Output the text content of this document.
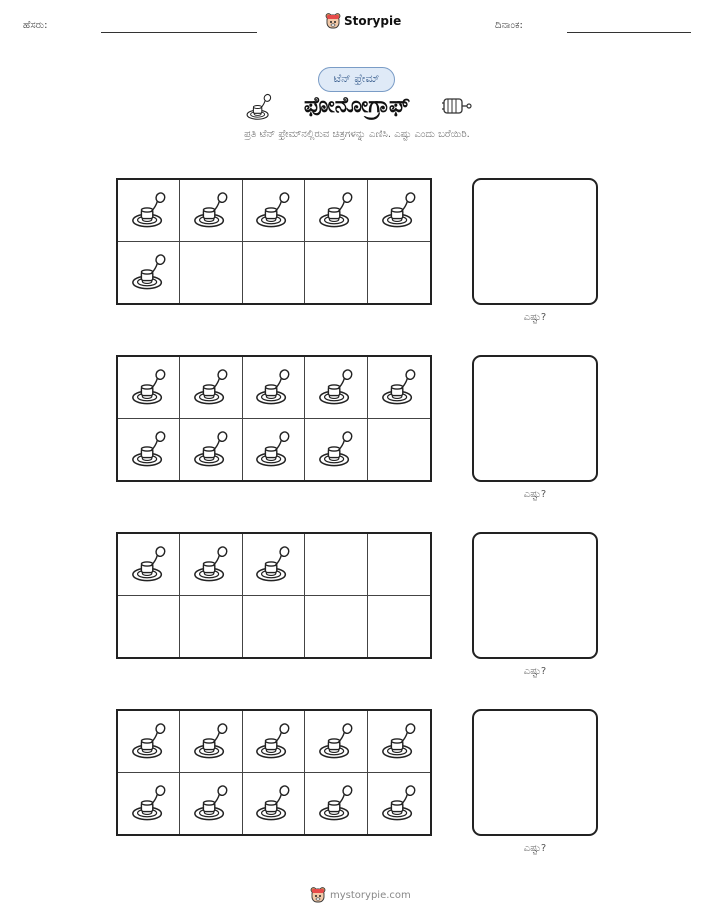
ಹೆಸರು:	Storypie	ದಿನಾಂಕ:
ಟೆನ್ ಫ್ರೇಮ್
ಫೋನೋಗ್ರಾಫ್
ಪ್ರತಿ ಟೆನ್ ಫ್ರೇಮ್‌ನಲ್ಲಿರುವ ಚಿತ್ರಗಳನ್ನು ಎಣಿಸಿ. ಎಷ್ಟು ಎಂದು ಬರೆಯಿರಿ.
ಎಷ್ಟು?
ಎಷ್ಟು?
ಎಷ್ಟು?
ಎಷ್ಟು?
mystorypie.com
